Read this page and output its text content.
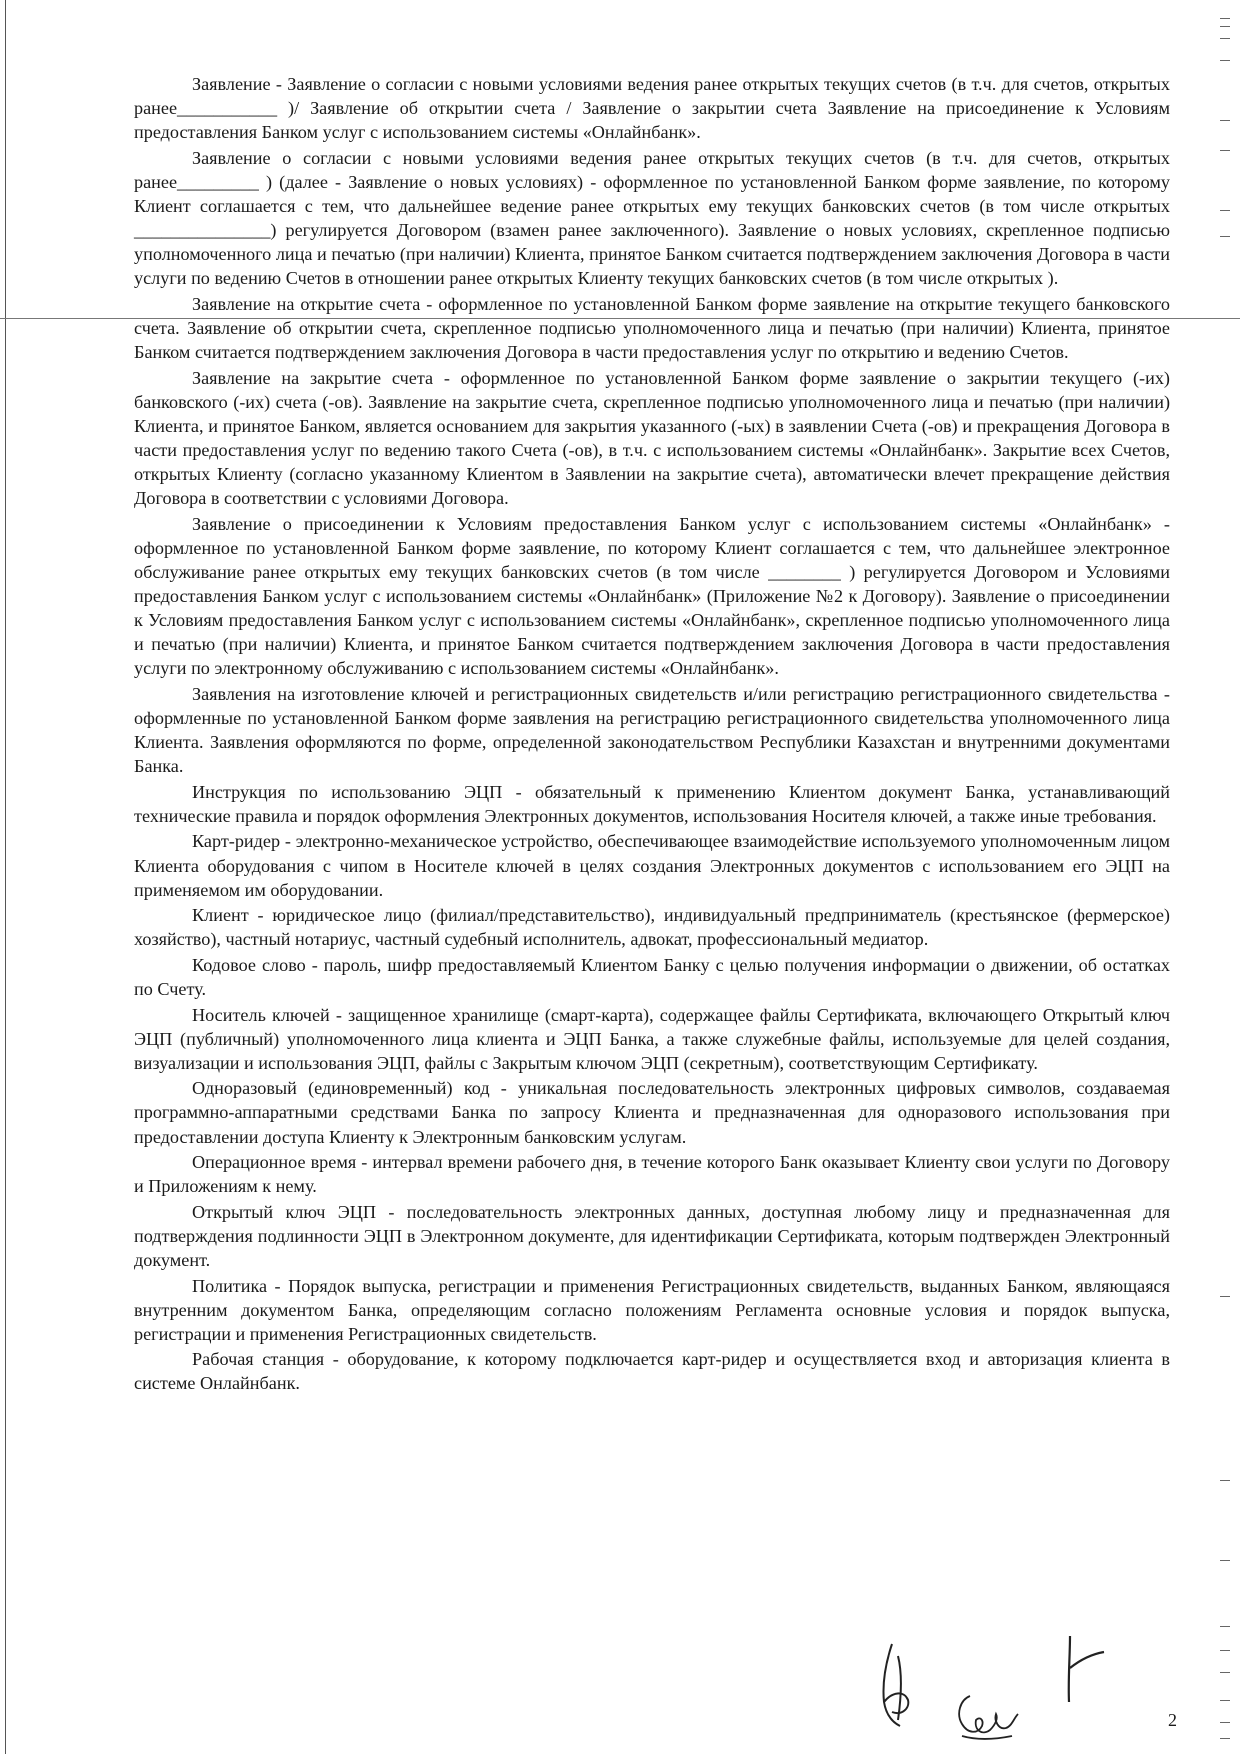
Заявление - Заявление о согласии с новыми условиями ведения ранее открытых текущих счетов (в т.ч. для счетов, открытых ранее___________ )/ Заявление об открытии счета / Заявление о закрытии счета Заявление на присоединение к Условиям предоставления Банком услуг с использованием системы «Онлайнбанк».

Заявление о согласии с новыми условиями ведения ранее открытых текущих счетов (в т.ч. для счетов, открытых ранее_________ ) (далее - Заявление о новых условиях) - оформленное по установленной Банком форме заявление, по которому Клиент соглашается с тем, что дальнейшее ведение ранее открытых ему текущих банковских счетов (в том числе открытых _______________) регулируется Договором (взамен ранее заключенного). Заявление о новых условиях, скрепленное подписью уполномоченного лица и печатью (при наличии) Клиента, принятое Банком считается подтверждением заключения Договора в части услуги по ведению Счетов в отношении ранее открытых Клиенту текущих банковских счетов (в том числе открытых ).

Заявление на открытие счета - оформленное по установленной Банком форме заявление на открытие текущего банковского счета. Заявление об открытии счета, скрепленное подписью уполномоченного лица и печатью (при наличии) Клиента, принятое Банком считается подтверждением заключения Договора в части предоставления услуг по открытию и ведению Счетов.

Заявление на закрытие счета - оформленное по установленной Банком форме заявление о закрытии текущего (-их) банковского (-их) счета (-ов). Заявление на закрытие счета, скрепленное подписью уполномоченного лица и печатью (при наличии) Клиента, и принятое Банком, является основанием для закрытия указанного (-ых) в заявлении Счета (-ов) и прекращения Договора в части предоставления услуг по ведению такого Счета (-ов), в т.ч. с использованием системы «Онлайнбанк». Закрытие всех Счетов, открытых Клиенту (согласно указанному Клиентом в Заявлении на закрытие счета), автоматически влечет прекращение действия Договора в соответствии с условиями Договора.

Заявление о присоединении к Условиям предоставления Банком услуг с использованием системы «Онлайнбанк» - оформленное по установленной Банком форме заявление, по которому Клиент соглашается с тем, что дальнейшее электронное обслуживание ранее открытых ему текущих банковских счетов (в том числе ________ ) регулируется Договором и Условиями предоставления Банком услуг с использованием системы «Онлайнбанк» (Приложение №2 к Договору). Заявление о присоединении к Условиям предоставления Банком услуг с использованием системы «Онлайнбанк», скрепленное подписью уполномоченного лица и печатью (при наличии) Клиента, и принятое Банком считается подтверждением заключения Договора в части предоставления услуги по электронному обслуживанию с использованием системы «Онлайнбанк».

Заявления на изготовление ключей и регистрационных свидетельств и/или регистрацию регистрационного свидетельства - оформленные по установленной Банком форме заявления на регистрацию регистрационного свидетельства уполномоченного лица Клиента. Заявления оформляются по форме, определенной законодательством Республики Казахстан и внутренними документами Банка.

Инструкция по использованию ЭЦП - обязательный к применению Клиентом документ Банка, устанавливающий технические правила и порядок оформления Электронных документов, использования Носителя ключей, а также иные требования.

Карт-ридер - электронно-механическое устройство, обеспечивающее взаимодействие используемого уполномоченным лицом Клиента оборудования с чипом в Носителе ключей в целях создания Электронных документов с использованием его ЭЦП на применяемом им оборудовании.

Клиент - юридическое лицо (филиал/представительство), индивидуальный предприниматель (крестьянское (фермерское) хозяйство), частный нотариус, частный судебный исполнитель, адвокат, профессиональный медиатор.

Кодовое слово - пароль, шифр предоставляемый Клиентом Банку с целью получения информации о движении, об остатках по Счету.

Носитель ключей - защищенное хранилище (смарт-карта), содержащее файлы Сертификата, включающего Открытый ключ ЭЦП (публичный) уполномоченного лица клиента и ЭЦП Банка, а также служебные файлы, используемые для целей создания, визуализации и использования ЭЦП, файлы с Закрытым ключом ЭЦП (секретным), соответствующим Сертификату.

Одноразовый (единовременный) код - уникальная последовательность электронных цифровых символов, создаваемая программно-аппаратными средствами Банка по запросу Клиента и предназначенная для одноразового использования при предоставлении доступа Клиенту к Электронным банковским услугам.

Операционное время - интервал времени рабочего дня, в течение которого Банк оказывает Клиенту свои услуги по Договору и Приложениям к нему.

Открытый ключ ЭЦП - последовательность электронных данных, доступная любому лицу и предназначенная для подтверждения подлинности ЭЦП в Электронном документе, для идентификации Сертификата, которым подтвержден Электронный документ.

Политика - Порядок выпуска, регистрации и применения Регистрационных свидетельств, выданных Банком, являющаяся внутренним документом Банка, определяющим согласно положениям Регламента основные условия и порядок выпуска, регистрации и применения Регистрационных свидетельств.

Рабочая станция - оборудование, к которому подключается карт-ридер и осуществляется вход и авторизация клиента в системе Онлайнбанк.

2
